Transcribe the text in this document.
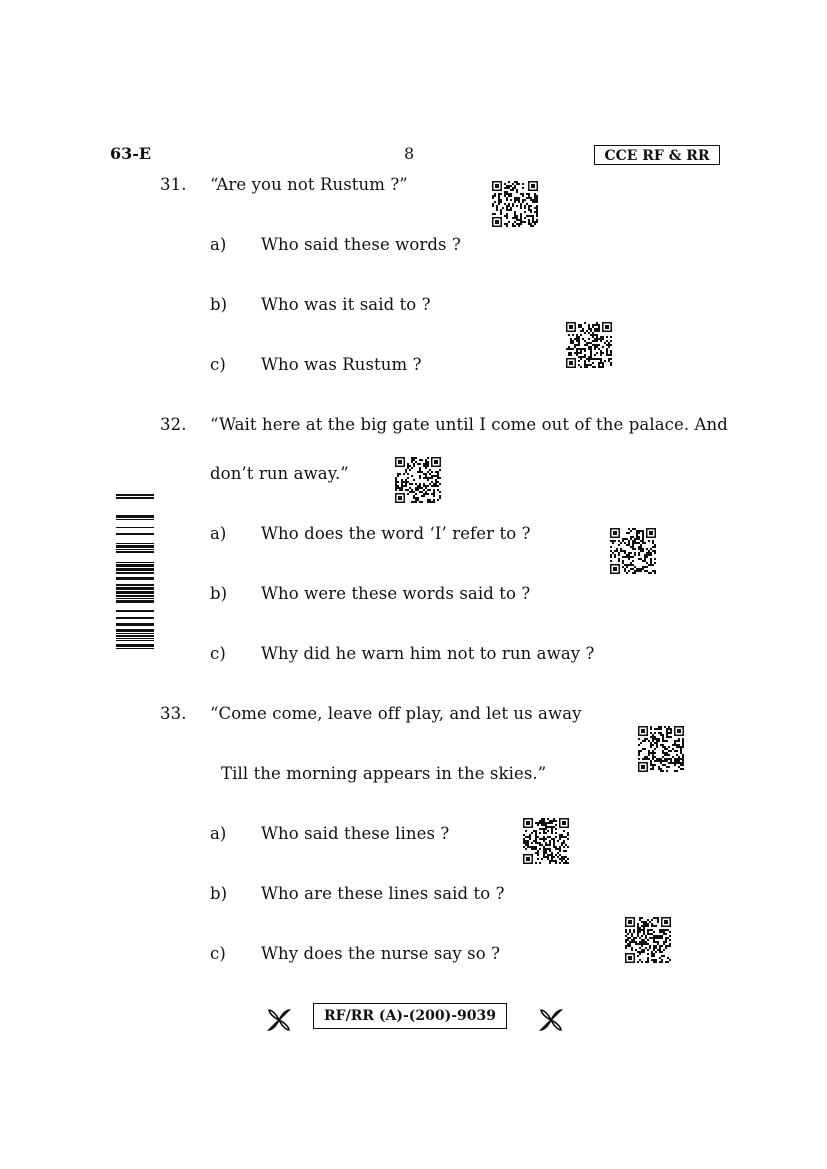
63-E	8	CCE RF & RR
31. “Are you not Rustum ?”
a) Who said these words ?
b) Who was it said to ?
c) Who was Rustum ?
32. “Wait here at the big gate until I come out of the palace. And
don’t run away.”
a) Who does the word ‘I’ refer to ?
b) Who were these words said to ?
c) Why did he warn him not to run away ?
33. “Come come, leave off play, and let us away
Till the morning appears in the skies.”
a) Who said these lines ?
b) Who are these lines said to ?
c) Why does the nurse say so ?
RF/RR (A)-(200)-9039
